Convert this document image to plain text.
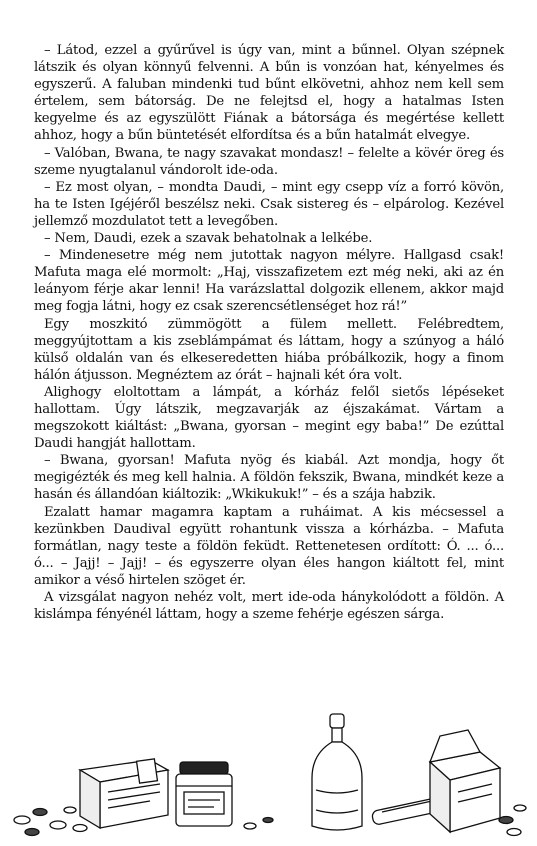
– Látod, ezzel a gyűrűvel is úgy van, mint a bűnnel. Olyan szépnek látszik és olyan könnyű felvenni. A bűn is vonzóan hat, kényelmes és egyszerű. A faluban mindenki tud bűnt elkövetni, ahhoz nem kell sem értelem, sem bátorság. De ne felejtsd el, hogy a hatalmas Isten kegyelme és az egyszülött Fiának a bátorsága és megértése kellett ahhoz, hogy a bűn büntetését elfordítsa és a bűn hatalmát elvegye.

– Valóban, Bwana, te nagy szavakat mondasz! – felelte a kövér öreg és szeme nyugtalanul vándorolt ide-oda.

– Ez most olyan, – mondta Daudi, – mint egy csepp víz a forró kövön, ha te Isten Igéjéről beszélsz neki. Csak sistereg és – elpárolog. Kezével jellemző mozdulatot tett a levegőben.

– Nem, Daudi, ezek a szavak behatolnak a lelkébe.

– Mindenesetre még nem jutottak nagyon mélyre. Hallgasd csak! Mafuta maga elé mormolt: „Haj, visszafizetem ezt még neki, aki az én leányom férje akar lenni! Ha varázslattal dolgozik ellenem, akkor majd meg fogja látni, hogy ez csak szerencsétlenséget hoz rá!”

Egy moszkitó zümmögött a fülem mellett. Felébredtem, meggyújtottam a kis zseblámpámat és láttam, hogy a szúnyog a háló külső oldalán van és elkeseredetten hiába próbálkozik, hogy a finom hálón átjusson. Megnéztem az órát – hajnali két óra volt.

Alighogy eloltottam a lámpát, a kórház felől sietős lépéseket hallottam. Úgy látszik, megzavarják az éjszakámat. Vártam a megszokott kiáltást: „Bwana, gyorsan – megint egy baba!” De ezúttal Daudi hangját hallottam.

– Bwana, gyorsan! Mafuta nyög és kiabál. Azt mondja, hogy őt megigézték és meg kell halnia. A földön fekszik, Bwana, mindkét keze a hasán és állandóan kiáltozik: „Wkikukuk!” – és a szája habzik.

Ezalatt hamar magamra kaptam a ruháimat. A kis mécsessel a kezünkben Daudival együtt rohantunk vissza a kórházba. – Mafuta formátlan, nagy teste a földön feküdt. Rettenetesen ordított: Ó. ... ó... ó... – Jajj! – Jajj! – és egyszerre olyan éles hangon kiáltott fel, mint amikor a véső hirtelen szöget ér.

A vizsgálat nagyon nehéz volt, mert ide-oda hánykolódott a földön. A kislámpa fényénél láttam, hogy a szeme fehérje egészen sárga.
